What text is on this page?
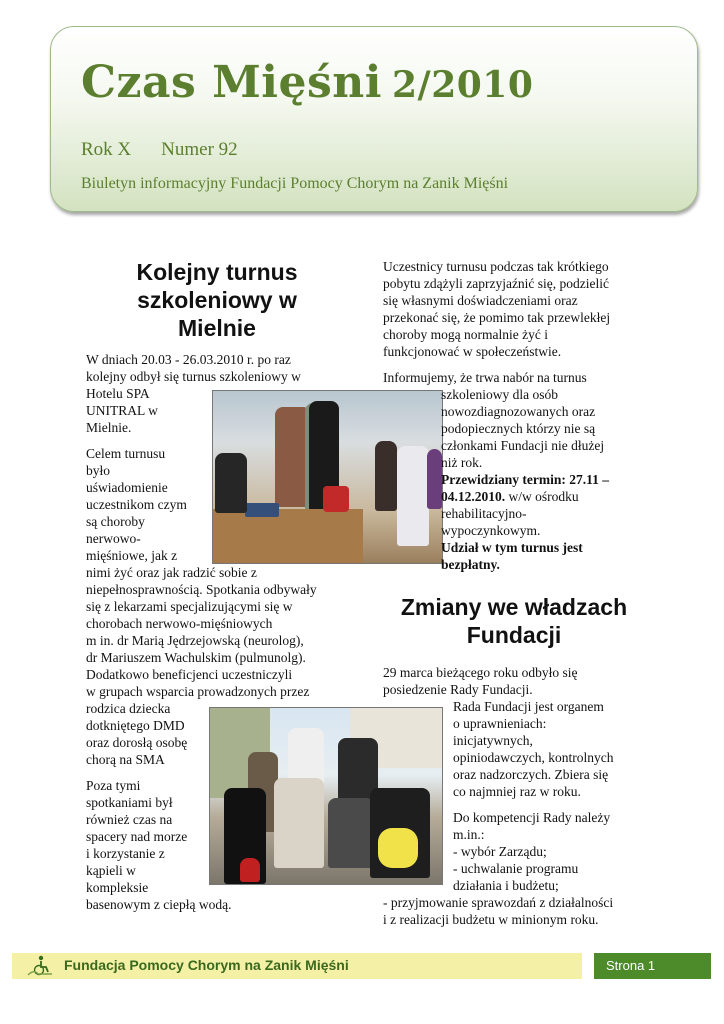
Czas Mięśni 2/2010
Rok X Numer 92
Biuletyn informacyjny Fundacji Pomocy Chorym na Zanik Mięśni
Kolejny turnus
szkoleniowy w
Mielnie

W dniach 20.03 - 26.03.2010 r. po raz
kolejny odbył się turnus szkoleniowy w
Hotelu SPA
UNITRAL w
Mielnie.

Celem turnusu
było
uświadomienie
uczestnikom czym
są choroby
nerwowo-
mięśniowe, jak z
nimi żyć oraz jak radzić sobie z
niepełnosprawnością. Spotkania odbywały
się z lekarzami specjalizującymi się w
chorobach nerwowo-mięśniowych
m in. dr Marią Jędrzejowską (neurolog),
dr Mariuszem Wachulskim (pulmunolg).
Dodatkowo beneficjenci uczestniczyli
w grupach wsparcia prowadzonych przez
rodzica dziecka
dotkniętego DMD
oraz dorosłą osobę
chorą na SMA

Poza tymi
spotkaniami był
również czas na
spacery nad morze
i korzystanie z
kąpieli w
kompleksie
basenowym z ciepłą wodą.

Uczestnicy turnusu podczas tak krótkiego
pobytu zdążyli zaprzyjaźnić się, podzielić
się własnymi doświadczeniami oraz
przekonać się, że pomimo tak przewlekłej
choroby mogą normalnie żyć i
funkcjonować w społeczeństwie.

Informujemy, że trwa nabór na turnus
szkoleniowy dla osób
nowozdiagnozowanych oraz
podopiecznych którzy nie są
członkami Fundacji nie dłużej
niż rok.

Przewidziany termin: 27.11 –
04.12.2010. w/w ośrodku
rehabilitacyjno-
wypoczynkowym.
Udział w tym turnus jest
bezpłatny.
Zmiany we władzach
Fundacji

29 marca bieżącego roku odbyło się
posiedzenie Rady Fundacji.

Rada Fundacji jest organem
o uprawnieniach:
inicjatywnych,
opiniodawczych, kontrolnych
oraz nadzorczych. Zbiera się
co najmniej raz w roku.

Do kompetencji Rady należy
m.in.:
- wybór Zarządu;
- uchwalanie programu
działania i budżetu;

- przyjmowanie sprawozdań z działalności
i z realizacji budżetu w minionym roku.

Fundacja Pomocy Chorym na Zanik Mięśni	Strona 1
